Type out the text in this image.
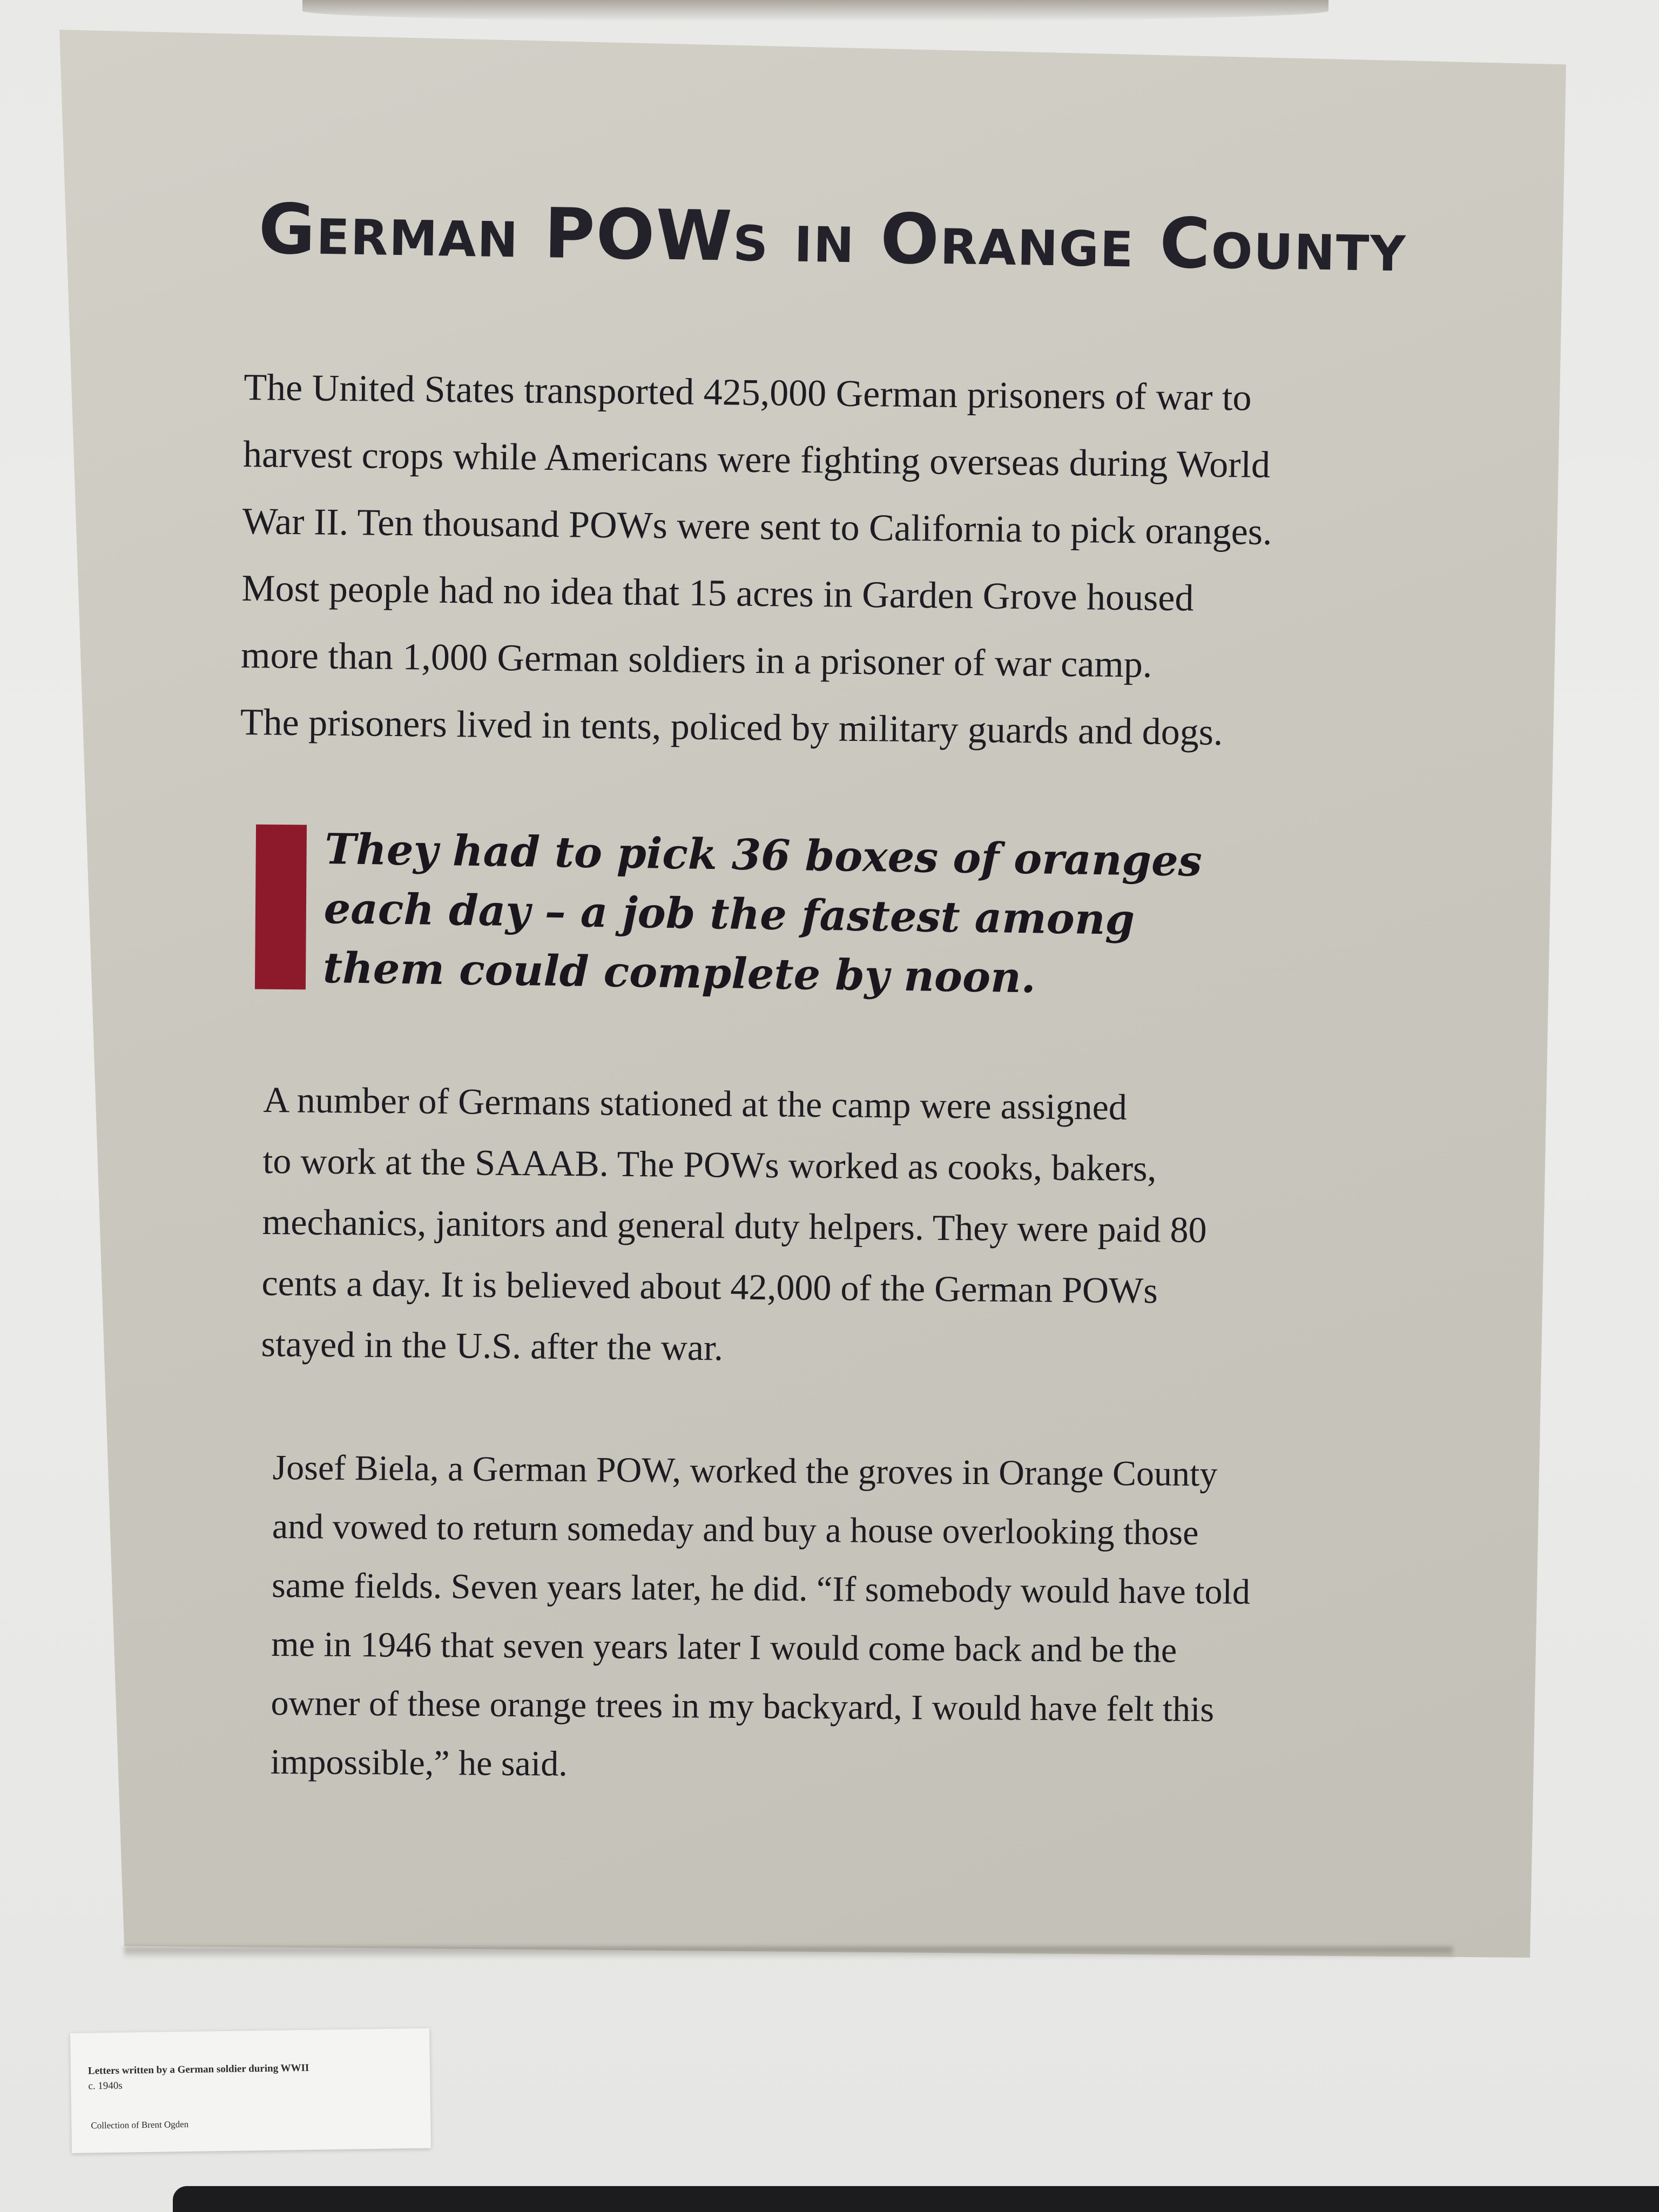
German POWs in Orange County
The United States transported 425,000 German prisoners of war to
harvest crops while Americans were fighting overseas during World
War II. Ten thousand POWs were sent to California to pick oranges.
Most people had no idea that 15 acres in Garden Grove housed
more than 1,000 German soldiers in a prisoner of war camp.
The prisoners lived in tents, policed by military guards and dogs.
They had to pick 36 boxes of oranges
each day – a job the fastest among
them could complete by noon.
A number of Germans stationed at the camp were assigned
to work at the SAAAB. The POWs worked as cooks, bakers,
mechanics, janitors and general duty helpers. They were paid 80
cents a day. It is believed about 42,000 of the German POWs
stayed in the U.S. after the war.
Josef Biela, a German POW, worked the groves in Orange County
and vowed to return someday and buy a house overlooking those
same fields. Seven years later, he did. “If somebody would have told
me in 1946 that seven years later I would come back and be the
owner of these orange trees in my backyard, I would have felt this
impossible,” he said.
Letters written by a German soldier during WWII
c. 1940s
Collection of Brent Ogden
